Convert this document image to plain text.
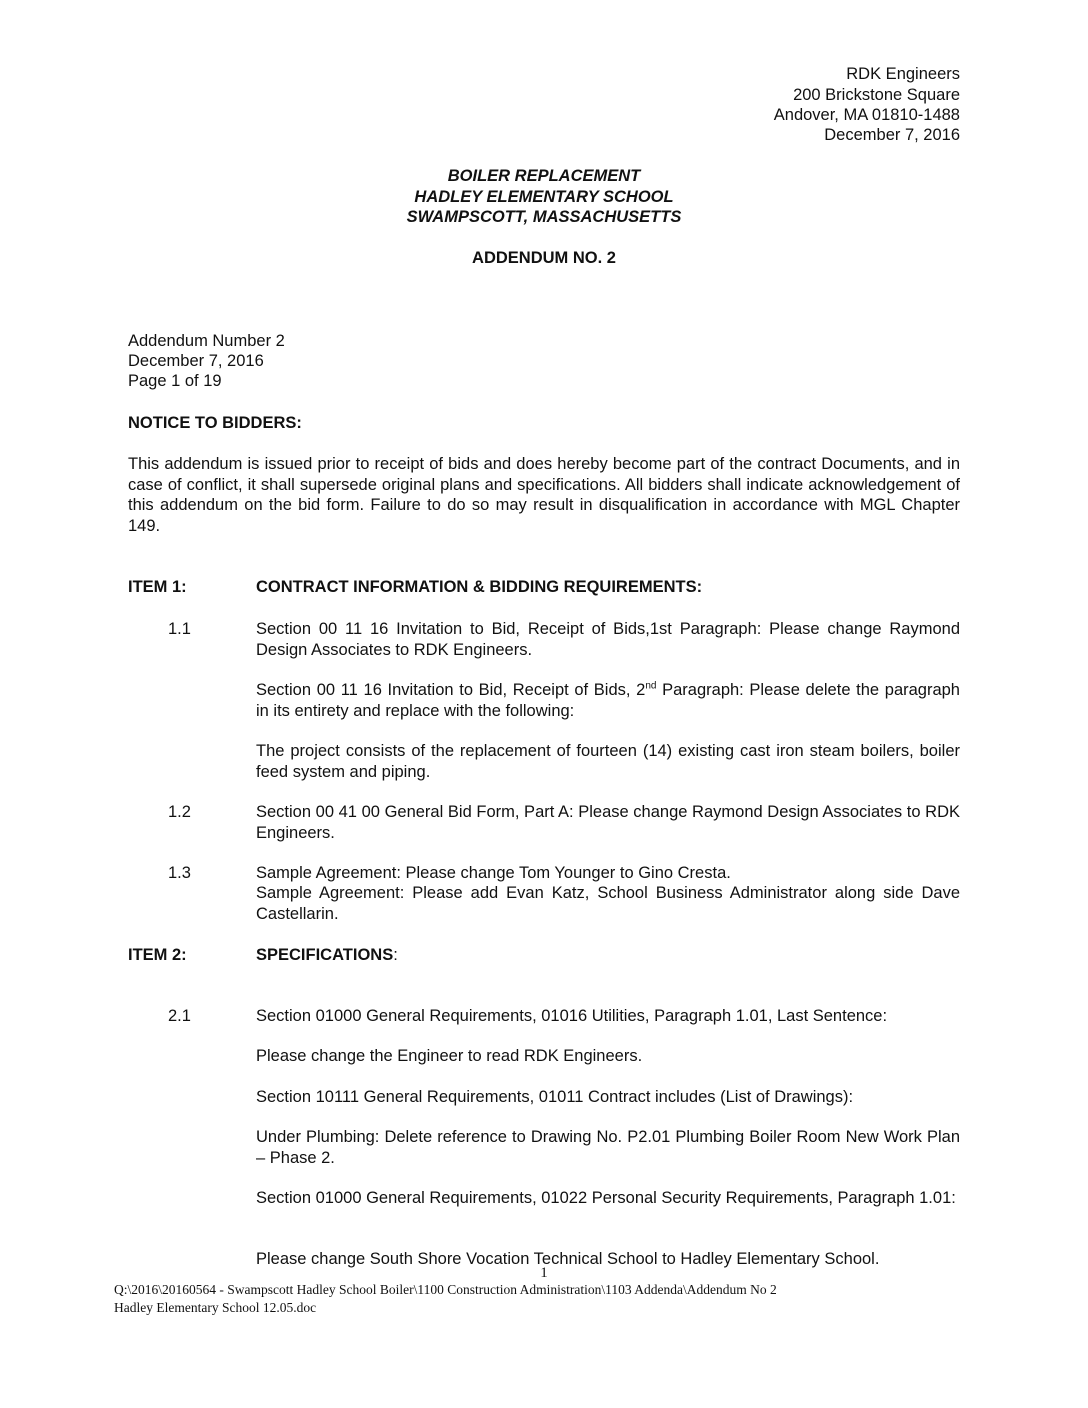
RDK Engineers
200 Brickstone Square
Andover, MA 01810-1488
December 7, 2016
BOILER REPLACEMENT
HADLEY ELEMENTARY SCHOOL
SWAMPSCOTT, MASSACHUSETTS
ADDENDUM NO. 2
Addendum Number 2
December 7, 2016
Page 1 of 19
NOTICE TO BIDDERS:
This addendum is issued prior to receipt of bids and does hereby become part of the contract Documents, and in case of conflict, it shall supersede original plans and specifications. All bidders shall indicate acknowledgement of this addendum on the bid form. Failure to do so may result in disqualification in accordance with MGL Chapter 149.
ITEM 1:	CONTRACT INFORMATION & BIDDING REQUIREMENTS:
1.1	Section 00 11 16 Invitation to Bid, Receipt of Bids,1st Paragraph: Please change Raymond Design Associates to RDK Engineers.
Section 00 11 16 Invitation to Bid, Receipt of Bids, 2nd Paragraph: Please delete the paragraph in its entirety and replace with the following:
The project consists of the replacement of fourteen (14) existing cast iron steam boilers, boiler feed system and piping.
1.2	Section 00 41 00 General Bid Form, Part A: Please change Raymond Design Associates to RDK Engineers.
1.3	Sample Agreement: Please change Tom Younger to Gino Cresta.
Sample Agreement: Please add Evan Katz, School Business Administrator along side Dave Castellarin.
ITEM 2:	SPECIFICATIONS:
2.1	Section 01000 General Requirements, 01016 Utilities, Paragraph 1.01, Last Sentence:
Please change the Engineer to read RDK Engineers.
Section 10111 General Requirements, 01011 Contract includes (List of Drawings):
Under Plumbing: Delete reference to Drawing No. P2.01 Plumbing Boiler Room New Work Plan – Phase 2.
Section 01000 General Requirements, 01022 Personal Security Requirements, Paragraph 1.01:
Please change South Shore Vocation Technical School to Hadley Elementary School.
1
Q:\2016\20160564 - Swampscott Hadley School Boiler\1100 Construction Administration\1103 Addenda\Addendum No 2
Hadley Elementary School 12.05.doc
